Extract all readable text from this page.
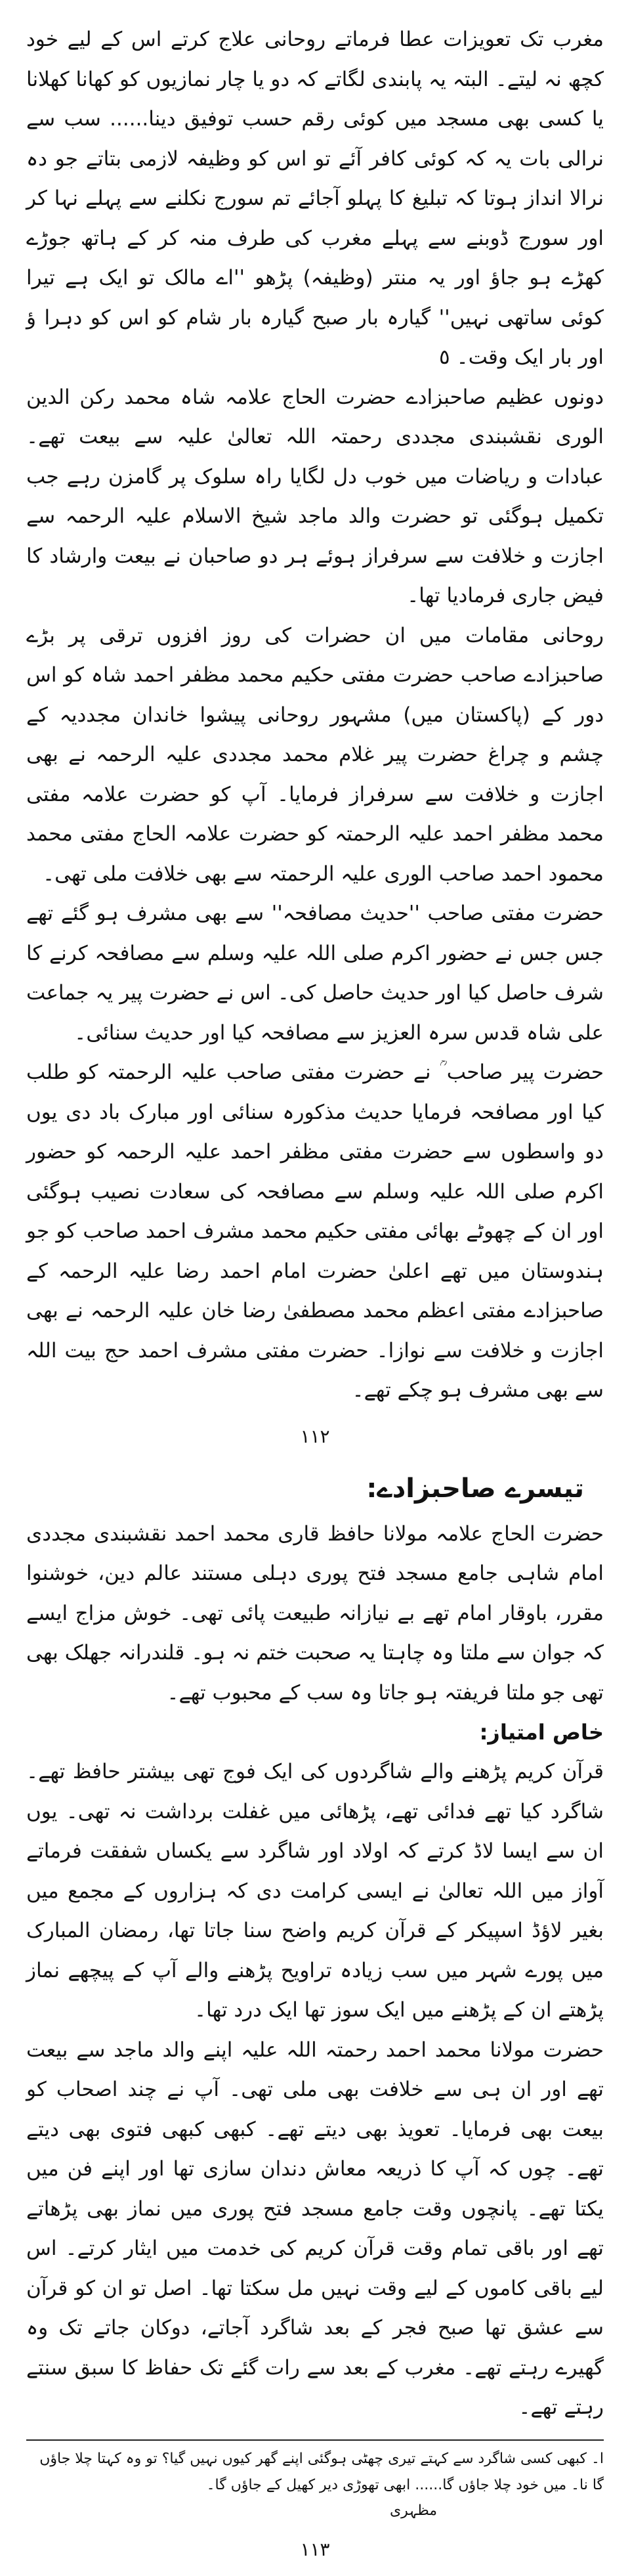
مغرب تک تعویزات عطا فرماتے روحانی علاج کرتے اس کے لیے خود کچھ نہ لیتے۔ البتہ یہ پابندی لگاتے کہ دو یا چار نمازیوں کو کھانا کھلانا یا کسی بھی مسجد میں کوئی رقم حسب توفیق دینا...... سب سے نرالی بات یہ کہ کوئی کافر آئے تو اس کو وظیفہ لازمی بتاتے جو دہ نرالا انداز ہوتا کہ تبلیغ کا پہلو آجائے تم سورج نکلنے سے پہلے نہا کر اور سورج ڈوبنے سے پہلے مغرب کی طرف منہ کر کے ہاتھ جوڑے کھڑے ہو جاؤ اور یہ منتر (وظیفہ) پڑھو ''اے مالک تو ایک ہے تیرا کوئی ساتھی نہیں'' گیارہ بار صبح گیارہ بار شام کو اس کو دہرا ؤ اور بار ایک وقت۔ ٥

دونوں عظیم صاحبزادے حضرت الحاج علامہ شاہ محمد رکن الدین الوری نقشبندی مجددی رحمتہ اللہ تعالیٰ علیہ سے بیعت تھے۔ عبادات و ریاضات میں خوب دل لگایا راہ سلوک پر گامزن رہے جب تکمیل ہوگئی تو حضرت والد ماجد شیخ الاسلام علیہ الرحمہ سے اجازت و خلافت سے سرفراز ہوئے ہر دو صاحبان نے بیعت وارشاد کا فیض جاری فرمادیا تھا۔

روحانی مقامات میں ان حضرات کی روز افزوں ترقی پر بڑے صاحبزادے صاحب حضرت مفتی حکیم محمد مظفر احمد شاہ کو اس دور کے (پاکستان میں) مشہور روحانی پیشوا خاندان مجددیہ کے چشم و چراغ حضرت پیر غلام محمد مجددی علیہ الرحمہ نے بھی اجازت و خلافت سے سرفراز فرمایا۔ آپ کو حضرت علامہ مفتی محمد مظفر احمد علیہ الرحمتہ کو حضرت علامہ الحاج مفتی محمد محمود احمد صاحب الوری علیہ الرحمتہ سے بھی خلافت ملی تھی۔

حضرت مفتی صاحب ''حدیث مصافحہ'' سے بھی مشرف ہو گئے تھے جس جس نے حضور اکرم صلی اللہ علیہ وسلم سے مصافحہ کرنے کا شرف حاصل کیا اور حدیث حاصل کی۔ اس نے حضرت پیر یہ جماعت علی شاہ قدس سرہ العزیز سے مصافحہ کیا اور حدیث سنائی۔

حضرت پیر صاحب ؒ نے حضرت مفتی صاحب علیہ الرحمتہ کو طلب کیا اور مصافحہ فرمایا حدیث مذکورہ سنائی اور مبارک باد دی یوں دو واسطوں سے حضرت مفتی مظفر احمد علیہ الرحمہ کو حضور اکرم صلی اللہ علیہ وسلم سے مصافحہ کی سعادت نصیب ہوگئی اور ان کے چھوٹے بھائی مفتی حکیم محمد مشرف احمد صاحب کو جو ہندوستان میں تھے اعلیٰ حضرت امام احمد رضا علیہ الرحمہ کے صاحبزادے مفتی اعظم محمد مصطفیٰ رضا خان علیہ الرحمہ نے بھی اجازت و خلافت سے نوازا۔ حضرت مفتی مشرف احمد حج بیت اللہ سے بھی مشرف ہو چکے تھے۔

۱۱۲

تیسرے صاحبزادے:

حضرت الحاج علامہ مولانا حافظ قاری محمد احمد نقشبندی مجددی امام شاہی جامع مسجد فتح پوری دہلی مستند عالم دین، خوشنوا مقرر، باوقار امام تھے بے نیازانہ طبیعت پائی تھی۔ خوش مزاج ایسے کہ جوان سے ملتا وہ چاہتا یہ صحبت ختم نہ ہو۔ قلندرانہ جھلک بھی تھی جو ملتا فریفتہ ہو جاتا وہ سب کے محبوب تھے۔

خاص امتیاز:

قرآن کریم پڑھنے والے شاگردوں کی ایک فوج تھی بیشتر حافظ تھے۔ شاگرد کیا تھے فدائی تھے، پڑھائی میں غفلت برداشت نہ تھی۔ یوں ان سے ایسا لاڈ کرتے کہ اولاد اور شاگرد سے یکساں شفقت فرماتے آواز میں اللہ تعالیٰ نے ایسی کرامت دی کہ ہزاروں کے مجمع میں بغیر لاؤڈ اسپیکر کے قرآن کریم واضح سنا جاتا تھا، رمضان المبارک میں پورے شہر میں سب زیادہ تراویح پڑھنے والے آپ کے پیچھے نماز پڑھتے ان کے پڑھنے میں ایک سوز تھا ایک درد تھا۔

حضرت مولانا محمد احمد رحمتہ اللہ علیہ اپنے والد ماجد سے بیعت تھے اور ان ہی سے خلافت بھی ملی تھی۔ آپ نے چند اصحاب کو بیعت بھی فرمایا۔ تعویذ بھی دیتے تھے۔ کبھی کبھی فتوی بھی دیتے تھے۔ چوں کہ آپ کا ذریعہ معاش دندان سازی تھا اور اپنے فن میں یکتا تھے۔ پانچوں وقت جامع مسجد فتح پوری میں نماز بھی پڑھاتے تھے اور باقی تمام وقت قرآن کریم کی خدمت میں ایثار کرتے۔ اس لیے باقی کاموں کے لیے وقت نہیں مل سکتا تھا۔ اصل تو ان کو قرآن سے عشق تھا صبح فجر کے بعد شاگرد آجاتے، دوکان جاتے تک وہ گھیرے رہتے تھے۔ مغرب کے بعد سے رات گئے تک حفاظ کا سبق سنتے رہتے تھے۔

ا۔ کبھی کسی شاگرد سے کہتے تیری چھٹی ہوگئی اپنے گھر کیوں نہیں گیا؟ تو وہ کہتا چلا جاؤں گا نا۔ میں خود چلا جاؤں گا...... ابھی تھوڑی دیر کھیل کے جاؤں گا۔

مظہری

۱۱۳
